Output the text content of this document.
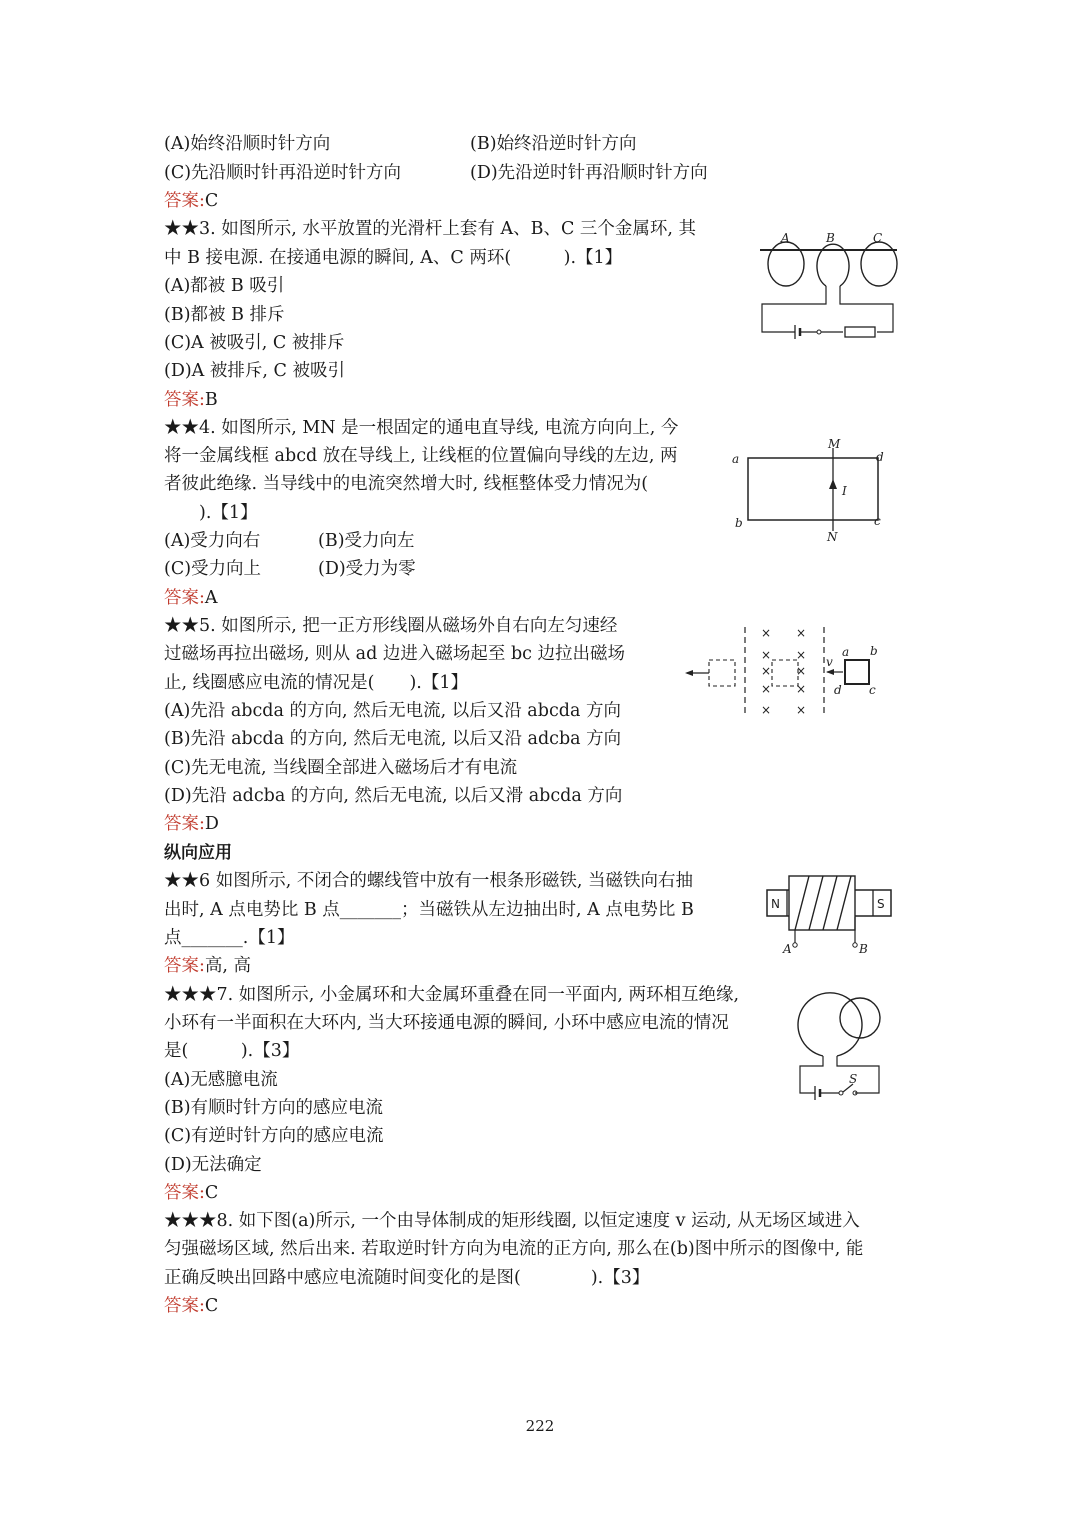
(A)始终沿顺时针方向	(B)始终沿逆时针方向
(C)先沿顺时针再沿逆时针方向	(D)先沿逆时针再沿顺时针方向
答案:C
★★3. 如图所示, 水平放置的光滑杆上套有 A、B、C 三个金属环, 其
中 B 接电源. 在接通电源的瞬间, A、C 两环(　　　).【1】
(A)都被 B 吸引
(B)都被 B 排斥
(C)A 被吸引, C 被排斥
(D)A 被排斥, C 被吸引
答案:B
A	B	C
★★4. 如图所示, MN 是一根固定的通电直导线, 电流方向向上, 今
将一金属线框 abcd 放在导线上, 让线框的位置偏向导线的左边, 两
者彼此绝缘. 当导线中的电流突然增大时, 线框整体受力情况为(
　　).【1】
(A)受力向右	(B)受力向左
(C)受力向上	(D)受力为零
答案:A
a	d
b	c
M
N
I
★★5. 如图所示, 把一正方形线圈从磁场外自右向左匀速经
过磁场再拉出磁场, 则从 ad 边进入磁场起至 bc 边拉出磁场
止, 线圈感应电流的情况是(　　).【1】
(A)先沿 abcda 的方向, 然后无电流, 以后又沿 abcda 方向
(B)先沿 abcda 的方向, 然后无电流, 以后又沿 adcba 方向
(C)先无电流, 当线圈全部进入磁场后才有电流
(D)先沿 adcba 的方向, 然后无电流, 以后又滑 abcda 方向
答案:D
× ×
× ×
× ×
× ×
× ×
v
a b
d c
纵向应用
★★6 如图所示, 不闭合的螺线管中放有一根条形磁铁, 当磁铁向右抽
出时, A 点电势比 B 点_______；当磁铁从左边抽出时, A 点电势比 B
点_______.【1】
答案:高, 高
N	S
A	B
★★★7. 如图所示, 小金属环和大金属环重叠在同一平面内, 两环相互绝缘,
小环有一半面积在大环内, 当大环接通电源的瞬间, 小环中感应电流的情况
是(　　　).【3】
(A)无感臆电流
(B)有顺时针方向的感应电流
(C)有逆时针方向的感应电流
(D)无法确定
答案:C
S
★★★8. 如下图(a)所示, 一个由导体制成的矩形线圈, 以恒定速度 v 运动, 从无场区域进入
匀强磁场区域, 然后出来. 若取逆时针方向为电流的正方向, 那么在(b)图中所示的图像中, 能
正确反映出回路中感应电流随时间变化的是图(　　　　).【3】
答案:C
222
